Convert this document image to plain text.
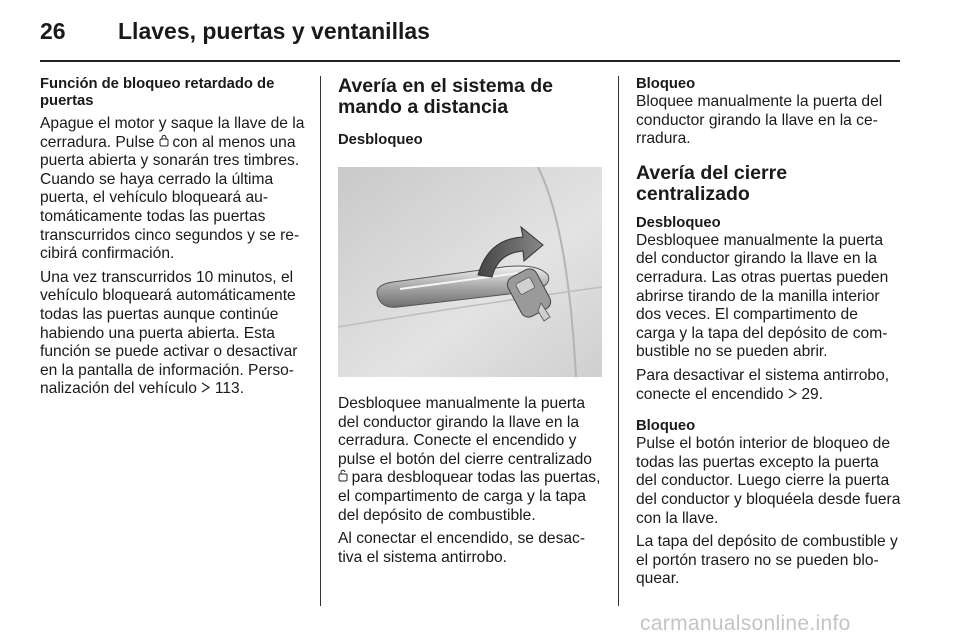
26 Llaves, puertas y ventanillas

Función de bloqueo retardado de puertas

Apague el motor y saque la llave de la cerradura. Pulse con al menos una puerta abierta y sonarán tres timbres. Cuando se haya cerrado la última puerta, el vehículo bloqueará automáticamente todas las puertas transcurridos cinco segundos y se recibirá confirmación.

Una vez transcurridos 10 minutos, el vehículo bloqueará automáticamente todas las puertas aunque continúe habiendo una puerta abierta. Esta función se puede activar o desactivar en la pantalla de información. Personalización del vehículo 113.

Avería en el sistema de mando a distancia

Desbloqueo

Desbloquee manualmente la puerta del conductor girando la llave en la cerradura. Conecte el encendido y pulse el botón del cierre centralizado  para desbloquear todas las puertas, el compartimento de carga y la tapa del depósito de combustible.

Al conectar el encendido, se desactiva el sistema antirrobo.

Bloqueo

Bloquee manualmente la puerta del conductor girando la llave en la cerradura.

Avería del cierre centralizado

Desbloqueo

Desbloquee manualmente la puerta del conductor girando la llave en la cerradura. Las otras puertas pueden abrirse tirando de la manilla interior dos veces. El compartimento de carga y la tapa del depósito de combustible no se pueden abrir.

Para desactivar el sistema antirrobo, conecte el encendido 29.

Bloqueo

Pulse el botón interior de bloqueo de todas las puertas excepto la puerta del conductor. Luego cierre la puerta del conductor y bloquéela desde fuera con la llave.

La tapa del depósito de combustible y el portón trasero no se pueden bloquear.

carmanualsonline.info
